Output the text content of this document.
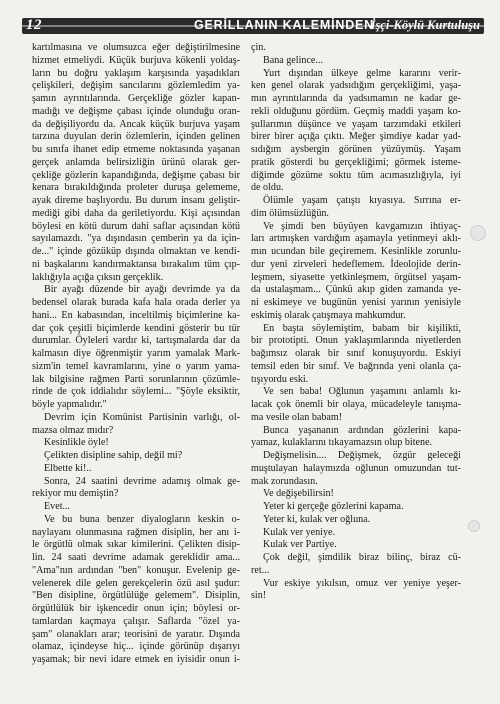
12	GERİLLANIN KALEMİNDEN
İşçi-Köylü Kurtuluşu
kartılmasına ve olumsuzca eğer değiştirilmesine
hizmet etmeliydi. Küçük burjuva kökenli yoldaş-
ların bu doğru yaklaşım karşısında yaşadıkları
çelişkileri, değişim sancılarını gözlemledim ya-
şamın ayrıntılarında. Gerçekliğe gözler kapan-
madığı ve değişme çabası içinde olunduğu oran-
da değişiliyordu da. Ancak küçük burjuva yaşam
tarzına duyulan derin özlemlerin, içinden gelinen
bu sınıfa ihanet edip etmeme noktasında yaşanan
gerçek anlamda belirsizliğin ürünü olarak ger-
çekliğe gözlerin kapandığında, değişme çabası bir
kenara bırakıldığında proleter duruşa gelememe,
ayak direme başlıyordu. Bu durum insanı geliştir-
mediği gibi daha da geriletiyordu. Kişi açısından
böylesi en kötü durum dahi saflar açısından kötü
sayılamazdı. "ya dışındasın çemberin ya da için-
de..." içinde gözüküp dışında olmaktan ve kendi-
ni başkalarını kandırmaktansa bırakalım tüm çıp-
laklığıyla açığa çıksın gerçeklik.
Bir ayağı düzende bir ayağı devrimde ya da
bedensel olarak burada kafa hala orada derler ya
hani... En kabasından, inceltilmiş biçimlerine ka-
dar çok çeşitli biçimlerde kendini gösterir bu tür
durumlar. Öyleleri vardır ki, tartışmalarda dar da
kalmasın diye öğrenmiştir yarım yamalak Mark-
sizm'in temel kavramlarını, yine o yarım yama-
lak bilgisine rağmen Parti sorunlarının çözümle-
rinde de çok iddialıdır söylemi... "Şöyle eksiktir,
böyle yapmalıdır."
Devrim için Komünist Partisinin varlığı, ol-
mazsa olmaz mıdır?
Kesinlikle öyle!
Çelikten disipline sahip, değil mi?
Elbette ki!..
Sonra, 24 saatini devrime adamış olmak ge-
rekiyor mu demiştin?
Evet...
Ve bu buna benzer diyalogların keskin o-
naylayanı olunmasına rağmen disiplin, her anı i-
le örgütlü olmak sıkar kimilerini. Çelikten disip-
lin. 24 saati devrime adamak gereklidir ama...
"Ama"nın ardından "ben" konuşur. Evelenip ge-
velenerek dile gelen gerekçelerin özü asıl şudur:
"Ben disipline, örgütlülüğe gelemem". Disiplin,
örgütlülük bir işkencedir onun için; böylesi or-
tamlardan kaçmaya çalışır. Saflarda "özel ya-
şam" olanakları arar; teorisini de yaratır. Dışında
olamaz, içindeyse hiç... içinde görünüp dışarıyı
yaşamak; bir nevi idare etmek en iyisidir onun i-
çin.
Bana gelince...
Yurt dışından ülkeye gelme kararını verir-
ken genel olarak yadsıdığım gerçekliğimi, yaşa-
mın ayrıntılarında da yadsımamın ne kadar ge-
rekli olduğunu gördüm. Geçmiş maddi yaşam ko-
şullarımın düşünce ve yaşam tarzımdaki etkileri
birer birer açığa çıktı. Meğer şimdiye kadar yad-
sıdığım aysbergin görünen yüzüymüş. Yaşam
pratik gösterdi bu gerçekliğimi; görmek isteme-
diğimde gözüme soktu tüm acımasızlığıyla, iyi
de oldu.
Ölümle yaşam çatıştı kıyasıya. Sırrına er-
dim ölümsüzlüğün.
Ve şimdi ben büyüyen kavgamızın ihtiyaç-
ları artmışken vardığım aşamayla yetinmeyi aklı-
mın ucundan bile geçiremem. Kesinlikle zorunlu-
dur yeni zirveleri hedeflemem. İdeolojide derin-
leşmem, siyasette yetkinleşmem, örgütsel yaşam-
da ustalaşmam... Çünkü akıp giden zamanda ye-
ni eskimeye ve bugünün yenisi yarının yenisiyle
eskimiş olarak çatışmaya mahkumdur.
En başta söylemiştim, babam bir kişilikti,
bir prototipti. Onun yaklaşımlarında niyetlerden
bağımsız olarak bir sınıf konuşuyordu. Eskiyi
temsil eden bir sınıf. Ve bağrında yeni olanla ça-
tışıyordu eski.
Ve sen baba! Oğlunun yaşamını anlamlı kı-
lacak çok önemli bir olaya, mücadeleyle tanışma-
ma vesile olan babam!
Bunca yaşananın ardından gözlerini kapa-
yamaz, kulaklarını tıkayamazsın olup bitene.
Değişmelisin.... Değişmek, özgür geleceği
muştulayan halaymızda oğlunun omuzundan tut-
mak zorundasın.
Ve değişebilirsin!
Yeter ki gerçeğe gözlerini kapama.
Yeter ki, kulak ver oğluna.
Kulak ver yeniye.
Kulak ver Partiye.
Çok değil, şimdilik biraz bilinç, biraz cü-
ret...
Vur eskiye yıkılsın, omuz ver yeniye yeşer-
sin!
